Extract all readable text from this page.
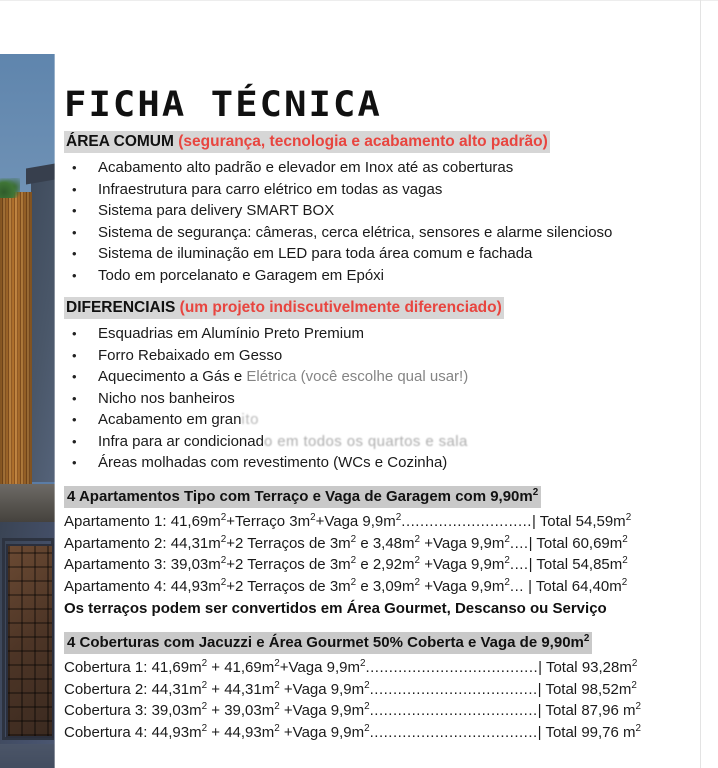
FICHA TÉCNICA
ÁREA COMUM (segurança, tecnologia e acabamento alto padrão)
• Acabamento alto padrão e elevador em Inox até as coberturas
• Infraestrutura para carro elétrico em todas as vagas
• Sistema para delivery SMART BOX
• Sistema de segurança: câmeras, cerca elétrica, sensores e alarme silencioso
• Sistema de iluminação em LED para toda área comum e fachada
• Todo em porcelanato e Garagem em Epóxi
DIFERENCIAIS (um projeto indiscutivelmente diferenciado)
• Esquadrias em Alumínio Preto Premium
• Forro Rebaixado em Gesso
• Aquecimento a Gás e Elétrica (você escolhe qual usar!)
• Nicho nos banheiros
• Acabamento em granito
• Infra para ar condicionado em todos os quartos e sala
• Áreas molhadas com revestimento (WCs e Cozinha)
4 Apartamentos Tipo com Terraço e Vaga de Garagem com $9,90m^2$
Apartamento 1: $41,69m^2+Terraço$ $3m^2+Vaga$ $9,9m^2............................|$ Total $54,59m^2$
Apartamento 2: $44,31m^2+2$ Terraços de $3m^2$ e $3,48m^2$ +Vaga $9,9m^2....|$ Total $60,69m^2$
Apartamento 3: $39,03m^2+2$ Terraços de $3m^2$ e $2,92m^2$ +Vaga $9,9m^2....|$ Total $54,85m^2$
Apartamento 4: $44,93m^2+2$ Terraços de $3m^2$ e $3,09m^2$ +Vaga $9,9m^2$... | Total $64,40m^2$
Os terraços podem ser convertidos em Área Gourmet, Descanso ou Serviço
4 Coberturas com Jacuzzi e Área Gourmet 50% Coberta e Vaga de $9,90m^2$
Cobertura 1: $41,69m^2$ + $41,69m^2+Vaga$ $9,9m^2.....................................|$ Total $93,28m^2$
Cobertura 2: $44,31m^2 + 44,31m^2$ +Vaga $9,9m^2....................................|$ Total $98,52m^2$
Cobertura 3: $39,03m^2 + 39,03m^2$ +Vaga $9,9m^2....................................|$ Total 87,96 $m^2$
Cobertura 4: $44,93m^2 + 44,93m^2$ +Vaga $9,9m^2....................................|$ Total 99,76 $m^2$
